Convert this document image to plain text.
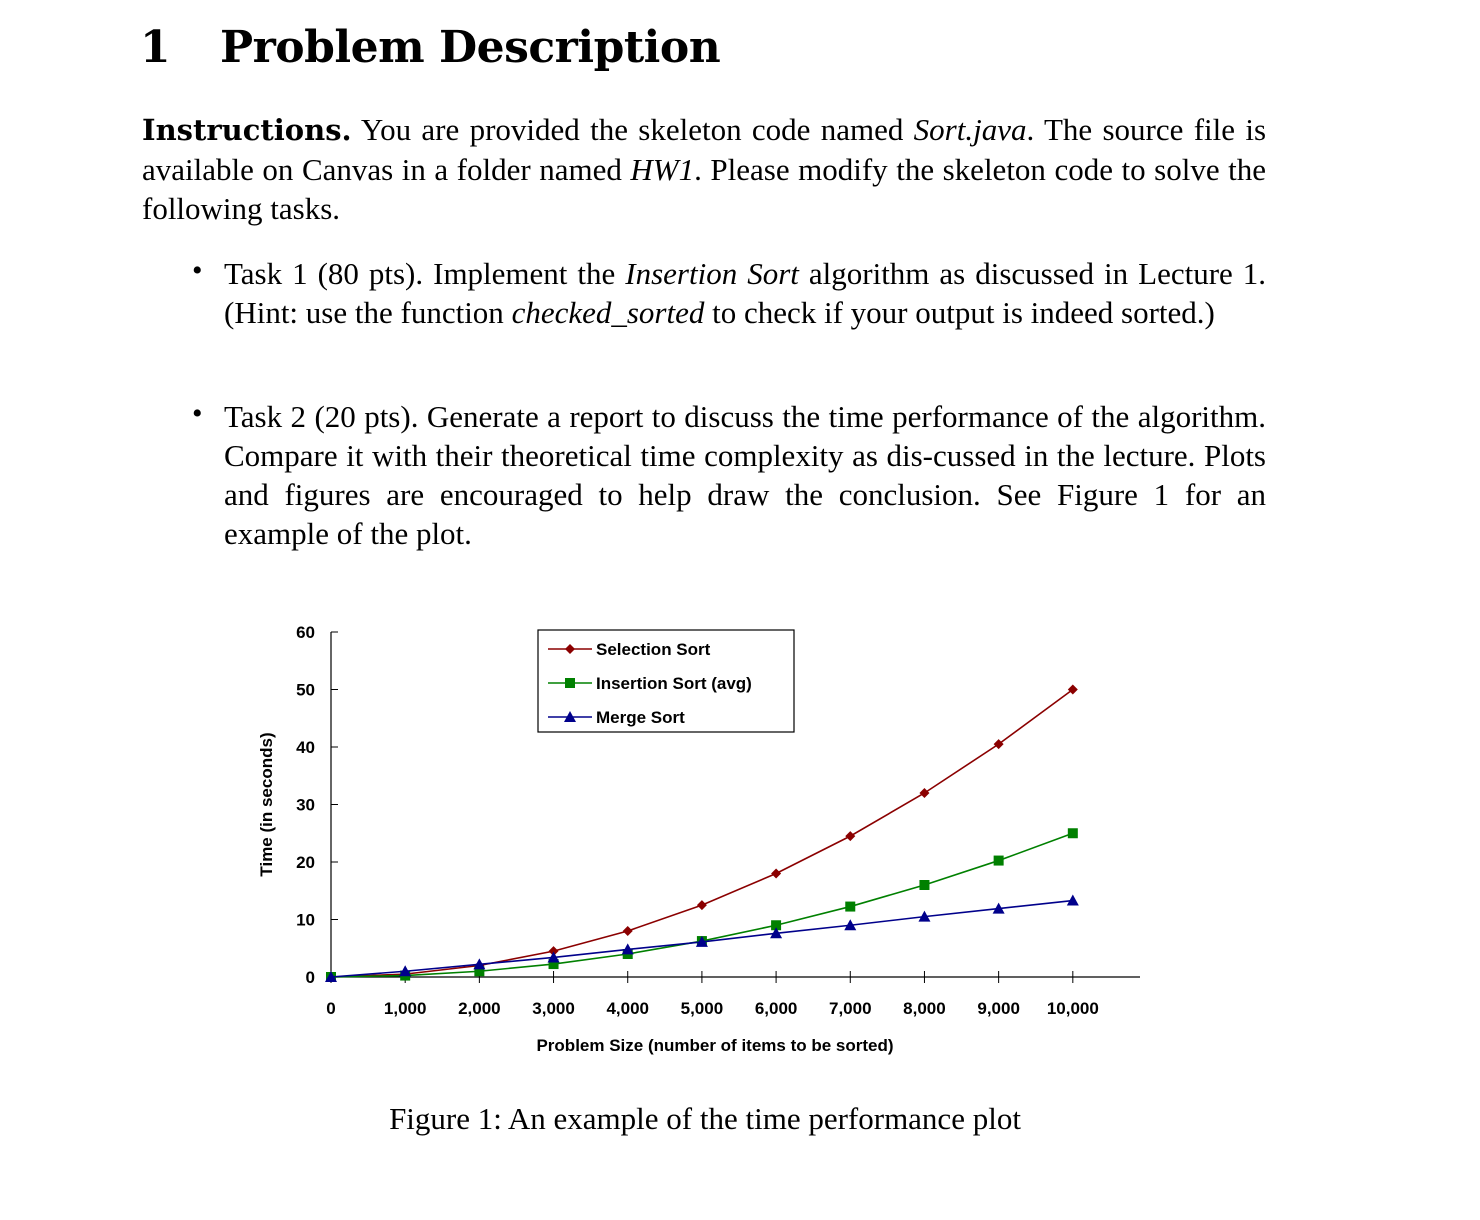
1 Problem Description
Instructions. You are provided the skeleton code named Sort.java. The source file is available on Canvas in a folder named HW1. Please modify the skeleton code to solve the following tasks.
• Task 1 (80 pts). Implement the Insertion Sort algorithm as discussed in Lecture 1. (Hint: use the function checked_sorted to check if your output is indeed sorted.)
• Task 2 (20 pts). Generate a report to discuss the time performance of the algorithm. Compare it with their theoretical time complexity as dis-cussed in the lecture. Plots and figures are encouraged to help draw the conclusion. See Figure 1 for an example of the plot.
0
10
20
30
40
50
60
0	1,000 2,000 3,000 4,000 5,000 6,000 7,000 8,000 9,000 10,000
Problem Size (number of items to be sorted)
Time (in seconds)
Selection Sort
Insertion Sort (avg)
Merge Sort
Figure 1: An example of the time performance plot
